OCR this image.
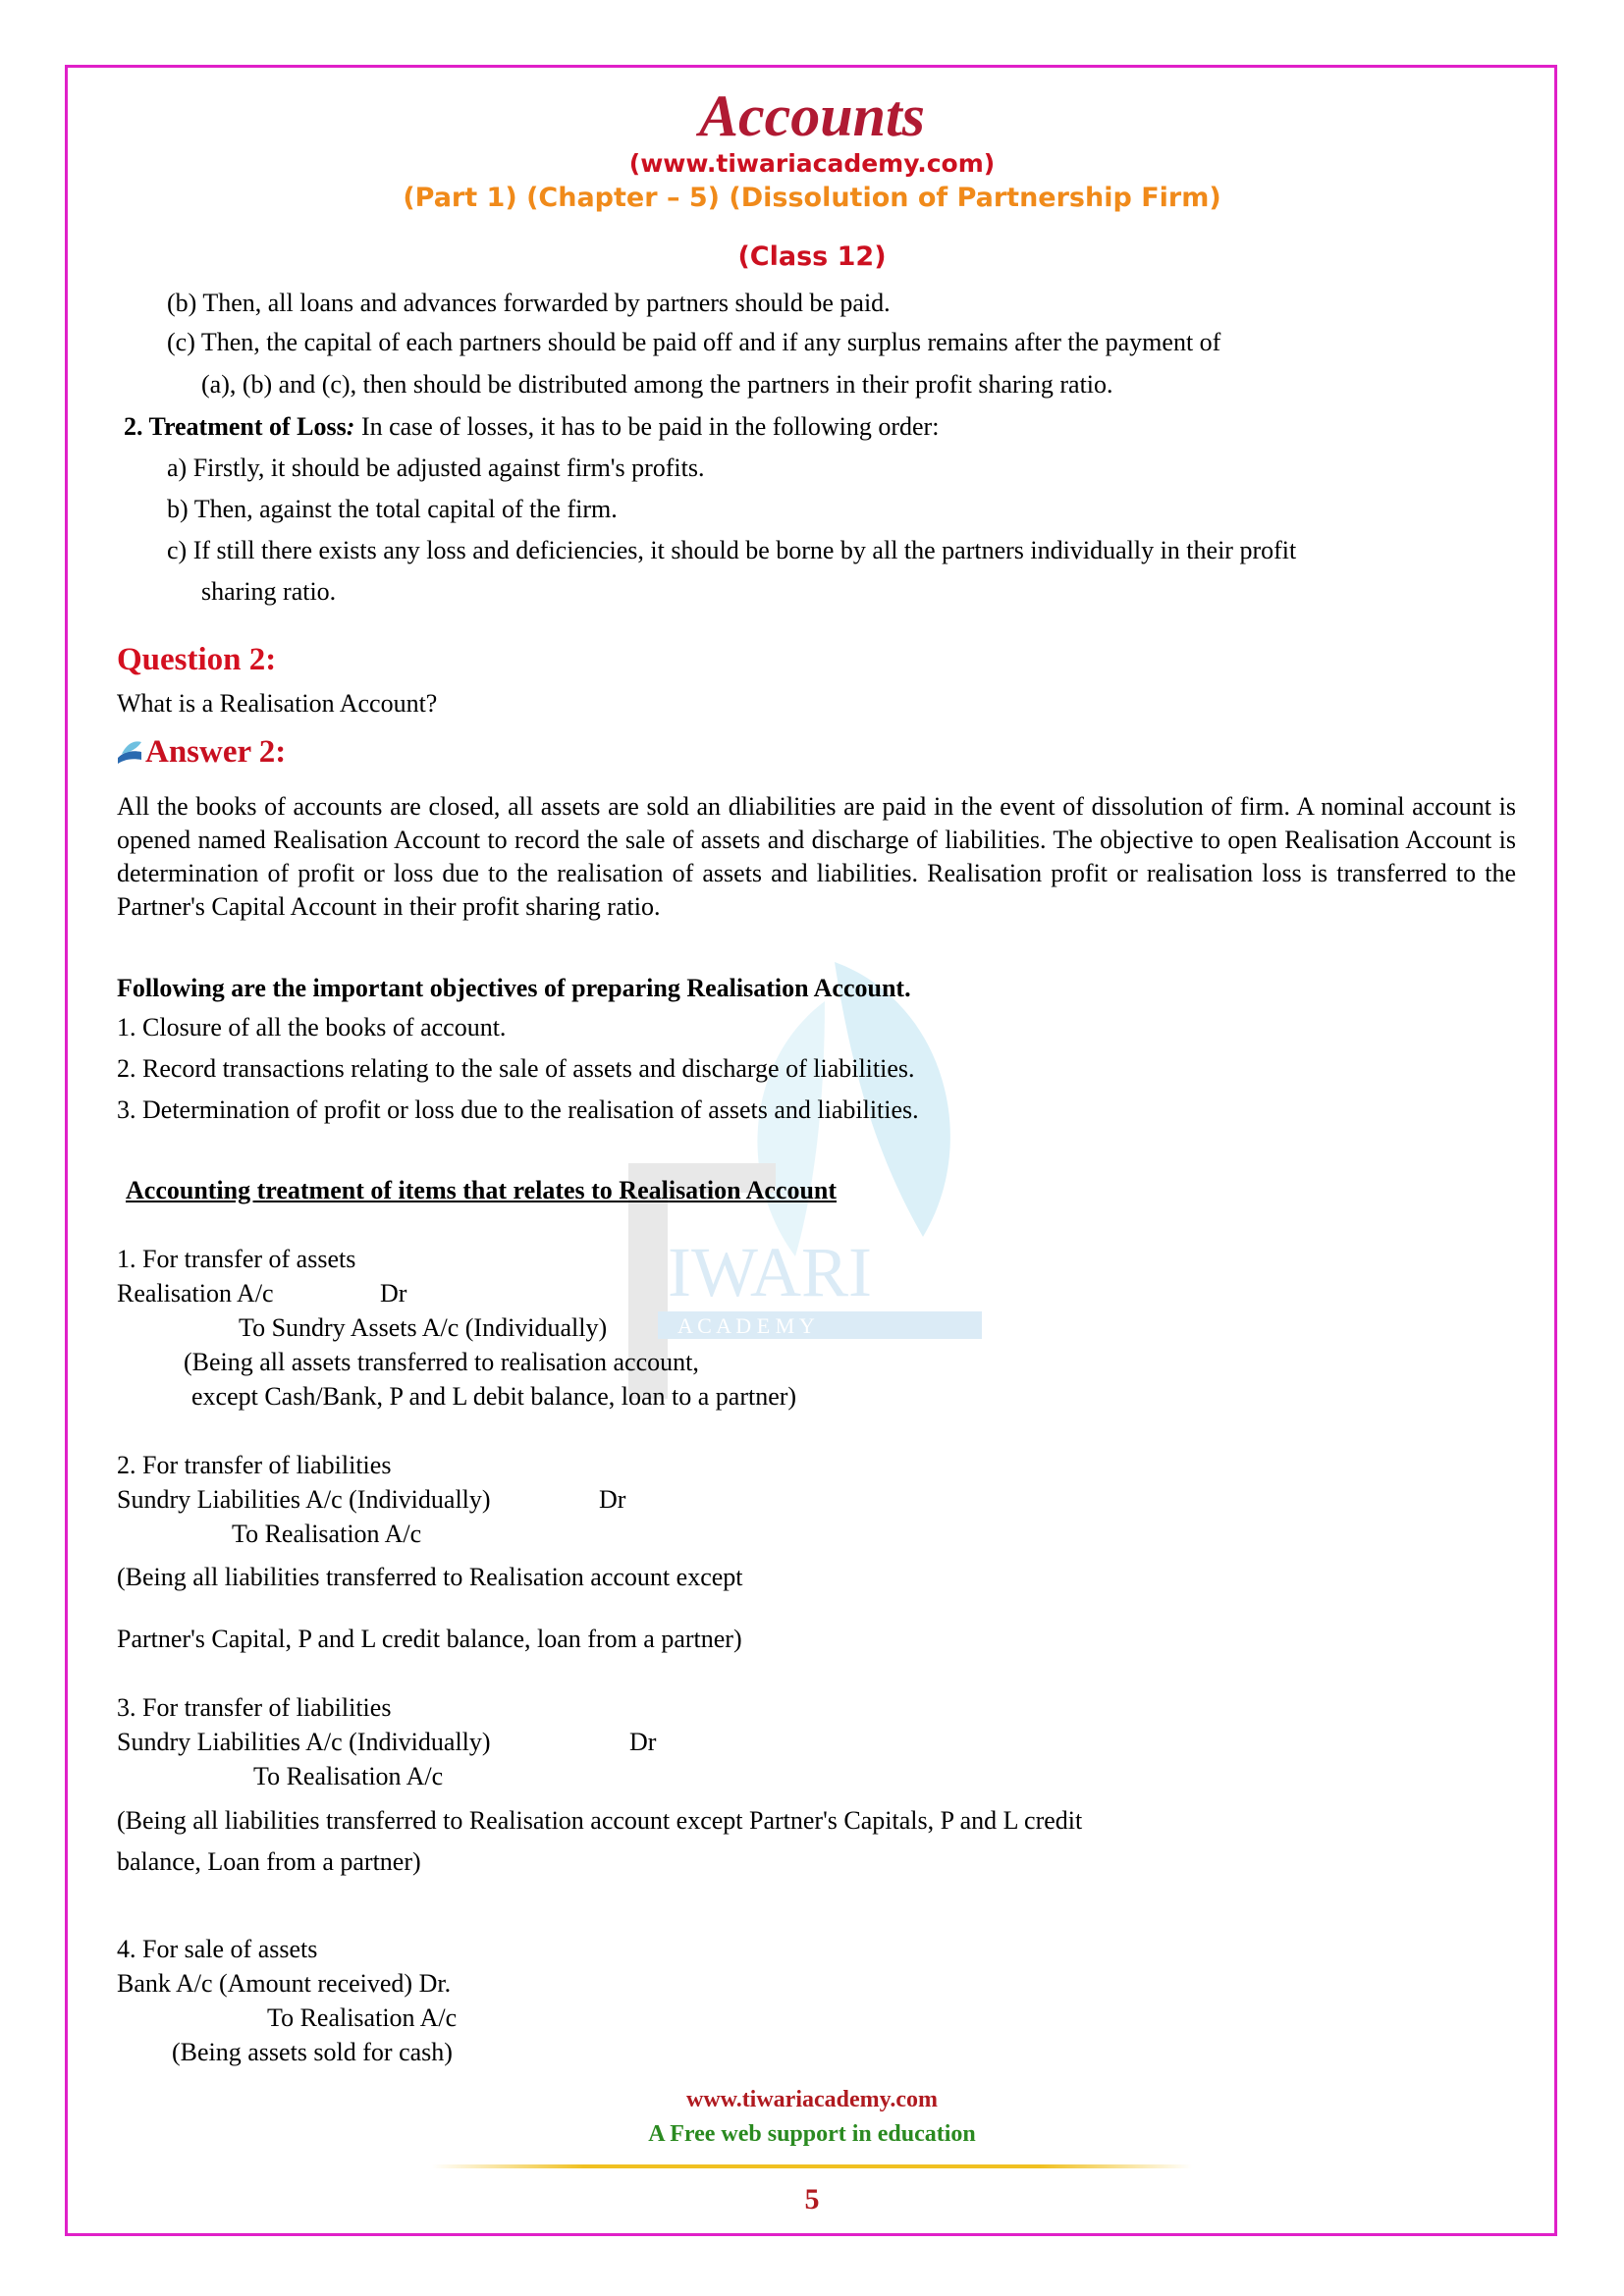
IWARI
A C A D E M Y
Accounts
(www.tiwariacademy.com)
(Part 1) (Chapter – 5) (Dissolution of Partnership Firm)
(Class 12)
(b) Then, all loans and advances forwarded by partners should be paid.
(c) Then, the capital of each partners should be paid off and if any surplus remains after the payment of
(a), (b) and (c), then should be distributed among the partners in their profit sharing ratio.
2. Treatment of Loss: In case of losses, it has to be paid in the following order:
a) Firstly, it should be adjusted against firm's profits.
b) Then, against the total capital of the firm.
c) If still there exists any loss and deficiencies, it should be borne by all the partners individually in their profit
sharing ratio.
Question 2:
What is a Realisation Account?
Answer 2:
All the books of accounts are closed, all assets are sold an dliabilities are paid in the event of dissolution of firm. A nominal account is opened named Realisation Account to record the sale of assets and discharge of liabilities. The objective to open Realisation Account is determination of profit or loss due to the realisation of assets and liabilities. Realisation profit or realisation loss is transferred to the Partner's Capital Account in their profit sharing ratio.
Following are the important objectives of preparing Realisation Account.
1. Closure of all the books of account.
2. Record transactions relating to the sale of assets and discharge of liabilities.
3. Determination of profit or loss due to the realisation of assets and liabilities.
Accounting treatment of items that relates to Realisation Account
1. For transfer of assets
Realisation A/c	Dr
To Sundry Assets A/c (Individually)
(Being all assets transferred to realisation account,
except Cash/Bank, P and L debit balance, loan to a partner)
2. For transfer of liabilities
Sundry Liabilities A/c (Individually)	Dr
To Realisation A/c
(Being all liabilities transferred to Realisation account except
Partner's Capital, P and L credit balance, loan from a partner)
3. For transfer of liabilities
Sundry Liabilities A/c (Individually)	Dr
To Realisation A/c
(Being all liabilities transferred to Realisation account except Partner's Capitals, P and L credit
balance, Loan from a partner)
4. For sale of assets
Bank A/c (Amount received) Dr.
To Realisation A/c
(Being assets sold for cash)
www.tiwariacademy.com
A Free web support in education
5
